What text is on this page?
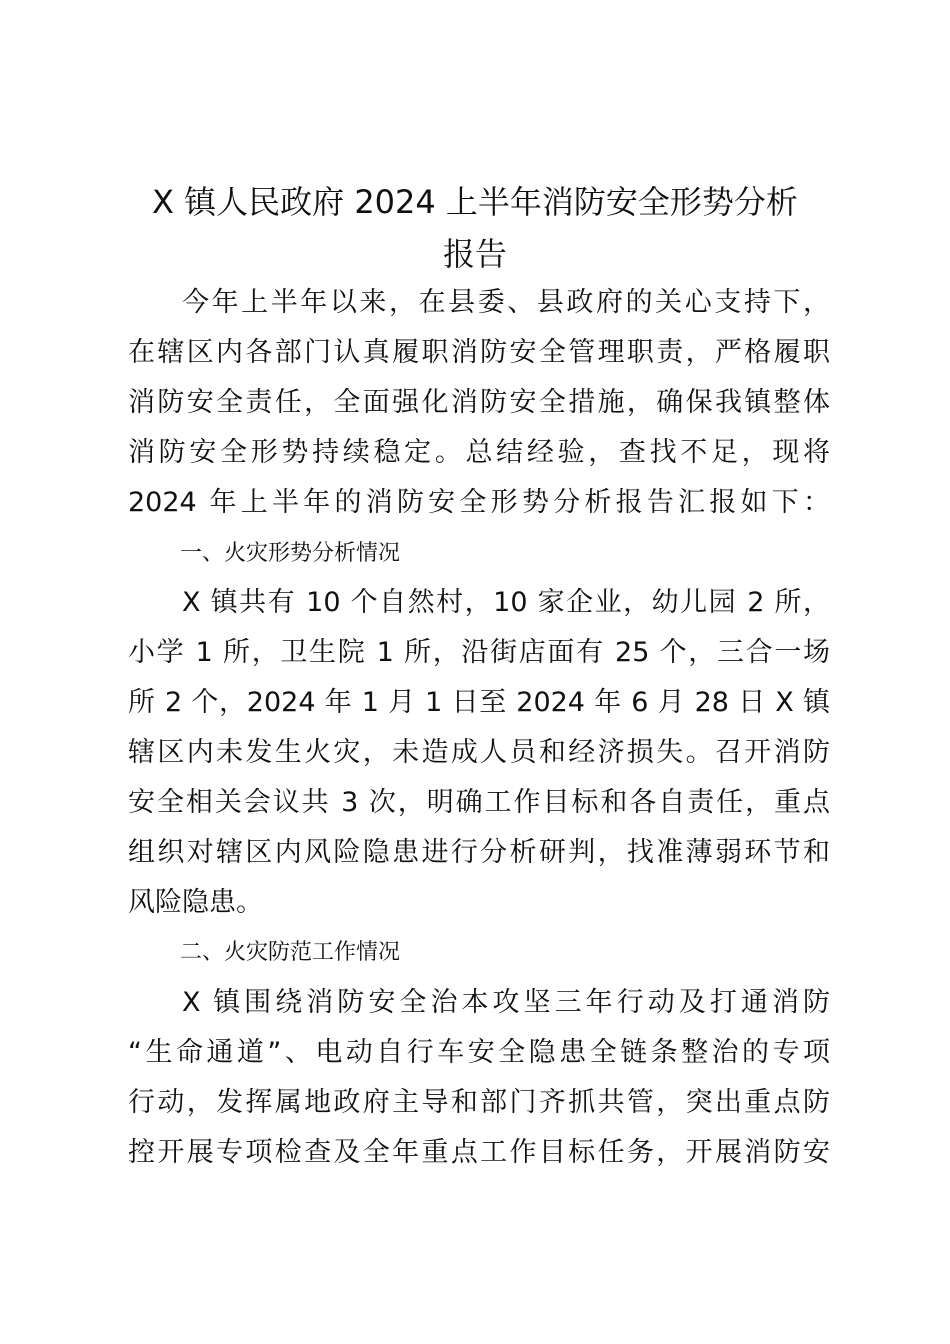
X 镇人民政府 2024 上半年消防安全形势分析
报告
今年上半年以来，在县委、县政府的关心支持下，
在辖区内各部门认真履职消防安全管理职责，严格履职
消防安全责任，全面强化消防安全措施，确保我镇整体
消防安全形势持续稳定。总结经验，查找不足，现将
2024 年上半年的消防安全形势分析报告汇报如下：
一、火灾形势分析情况
X 镇共有 10 个自然村，10 家企业，幼儿园 2 所，
小学 1 所，卫生院 1 所，沿街店面有 25 个，三合一场
所 2 个，2024 年 1 月 1 日至 2024 年 6 月 28 日 X 镇
辖区内未发生火灾，未造成人员和经济损失。召开消防
安全相关会议共 3 次，明确工作目标和各自责任，重点
组织对辖区内风险隐患进行分析研判，找准薄弱环节和
风险隐患。
二、火灾防范工作情况
X 镇围绕消防安全治本攻坚三年行动及打通消防
“生命通道”、电动自行车安全隐患全链条整治的专项
行动，发挥属地政府主导和部门齐抓共管，突出重点防
控开展专项检查及全年重点工作目标任务，开展消防安
